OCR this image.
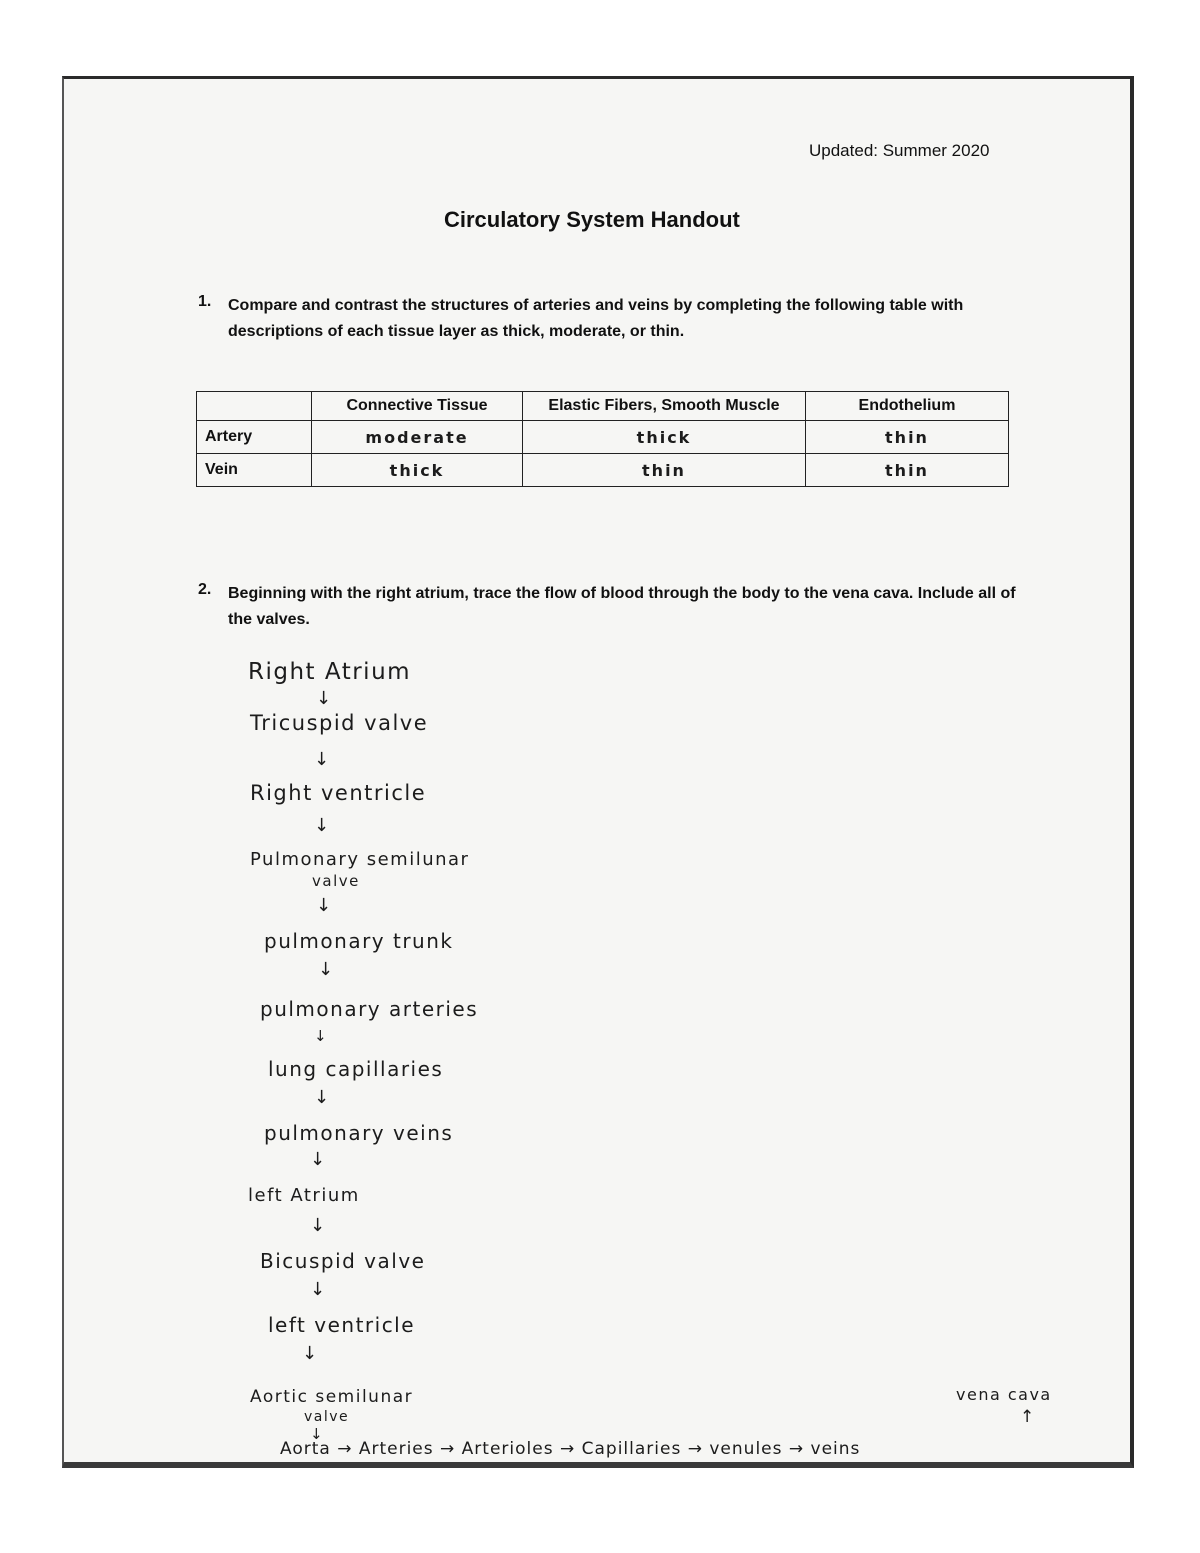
Updated: Summer 2020
Circulatory System Handout
1. Compare and contrast the structures of arteries and veins by completing the following table with descriptions of each tissue layer as thick, moderate, or thin.
	Connective Tissue	Elastic Fibers, Smooth Muscle	Endothelium
Artery	moderate	thick	thin
Vein	thick	thin	thin
2. Beginning with the right atrium, trace the flow of blood through the body to the vena cava. Include all of the valves.
Right Atrium
↓
Tricuspid valve
↓
Right ventricle
↓
Pulmonary semilunar
valve
↓
pulmonary trunk
↓
pulmonary arteries
↓
lung capillaries
↓
pulmonary veins
↓
left Atrium
↓
Bicuspid valve
↓
left ventricle
↓
Aortic semilunar
valve
↓
vena cava
↑
Aorta → Arteries → Arterioles → Capillaries → venules → veins
